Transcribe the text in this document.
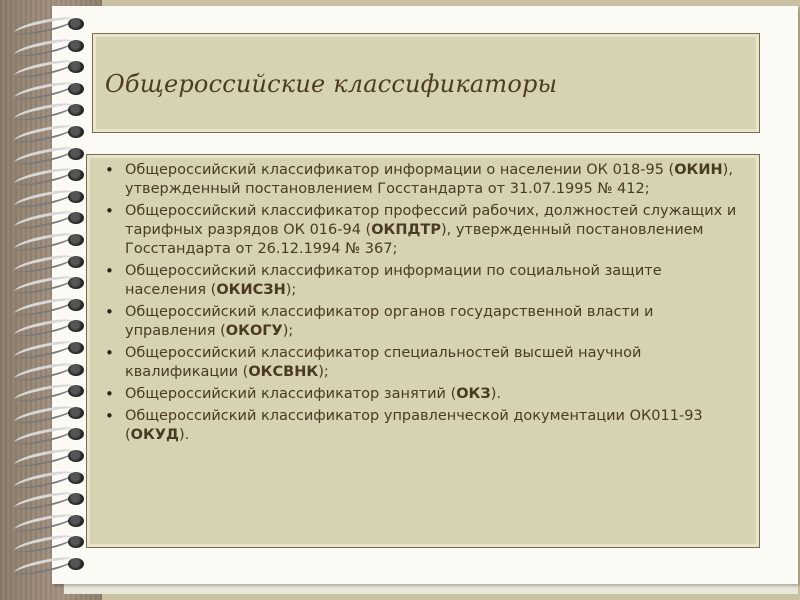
Общероссийские классификаторы
• Общероссийский классификатор информации о населении ОК 018-95 (ОКИН), утвержденный постановлением Госстандарта от 31.07.1995 № 412;
• Общероссийский классификатор профессий рабочих, должностей служащих и тарифных разрядов ОК 016-94 (ОКПДТР), утвержденный постановлением Госстандарта от 26.12.1994 № 367;
• Общероссийский классификатор информации по социальной защите населения (ОКИСЗН);
• Общероссийский классификатор органов государственной власти и управления (ОКОГУ);
• Общероссийский классификатор специальностей высшей научной квалификации (ОКСВНК);
• Общероссийский классификатор занятий (ОКЗ).
• Общероссийский классификатор управленческой документации ОК011-93 (ОКУД).
